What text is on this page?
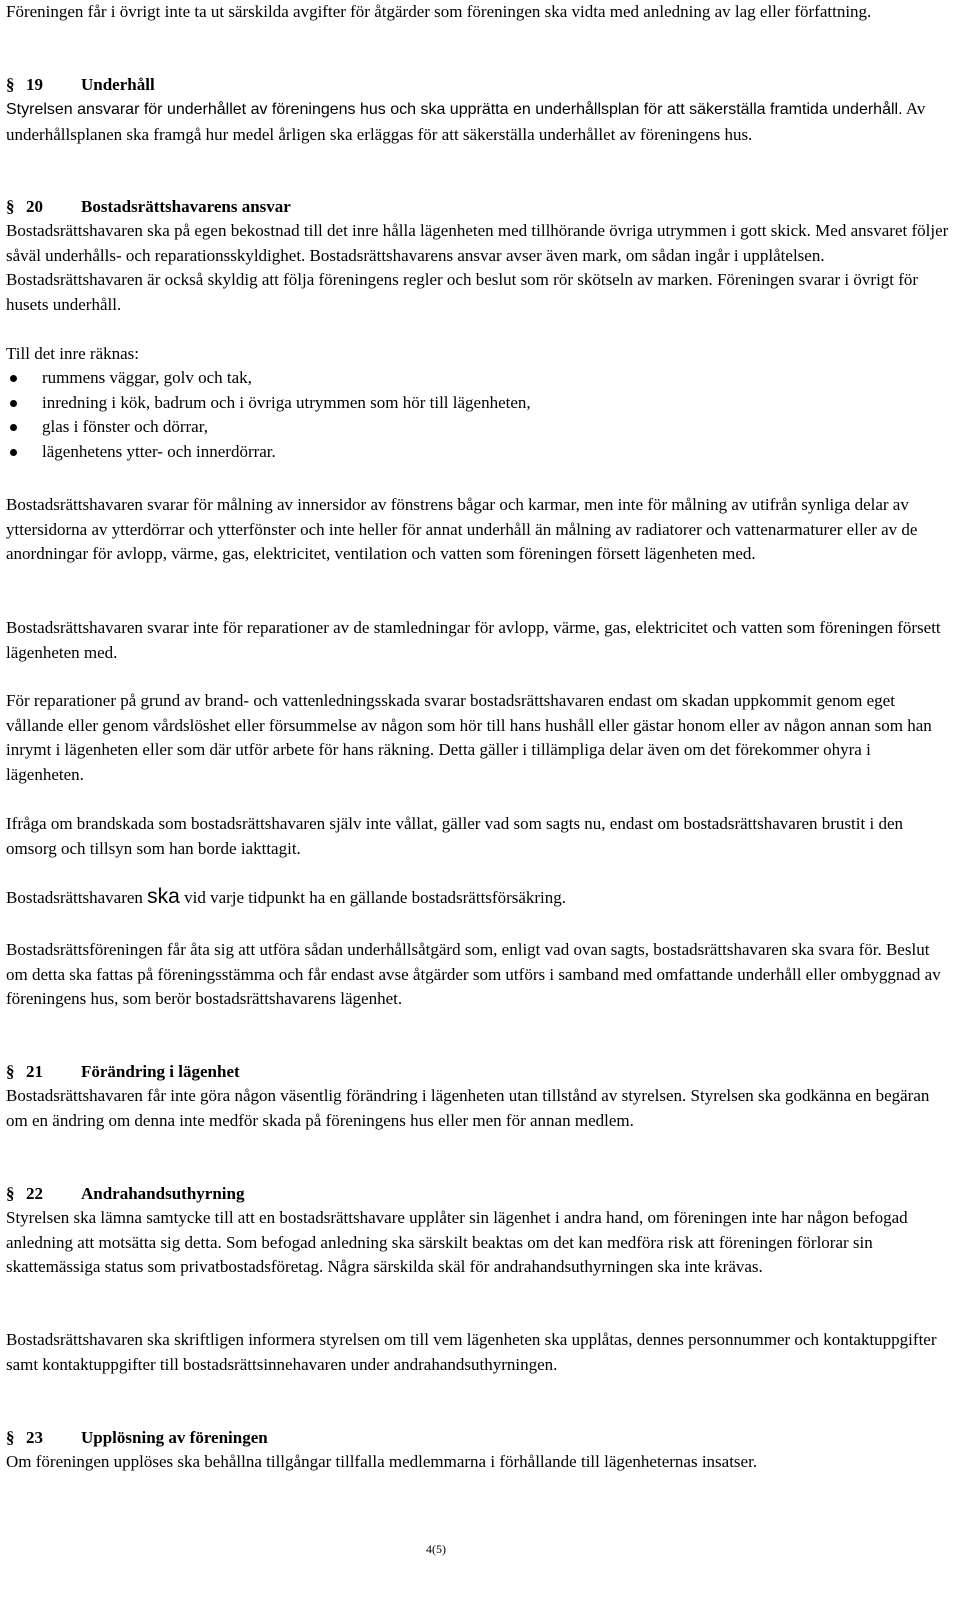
Föreningen får i övrigt inte ta ut särskilda avgifter för åtgärder som föreningen ska vidta med anledning av lag eller författning.

§ 19	Underhåll

Styrelsen ansvarar för underhållet av föreningens hus och ska upprätta en underhållsplan för att säkerställa framtida underhåll. Av underhållsplanen ska framgå hur medel årligen ska erläggas för att säkerställa underhållet av föreningens hus.

§ 20	Bostadsrättshavarens ansvar

Bostadsrättshavaren ska på egen bekostnad till det inre hålla lägenheten med tillhörande övriga utrymmen i gott skick. Med ansvaret följer såväl underhålls- och reparationsskyldighet. Bostadsrättshavarens ansvar avser även mark, om sådan ingår i upplåtelsen. Bostadsrättshavaren är också skyldig att följa föreningens regler och beslut som rör skötseln av marken. Föreningen svarar i övrigt för husets underhåll.

Till det inre räknas:

rummens väggar, golv och tak,
inredning i kök, badrum och i övriga utrymmen som hör till lägenheten,
glas i fönster och dörrar,
lägenhetens ytter- och innerdörrar.

Bostadsrättshavaren svarar för målning av innersidor av fönstrens bågar och karmar, men inte för målning av utifrån synliga delar av yttersidorna av ytterdörrar och ytterfönster och inte heller för annat underhåll än målning av radiatorer och vattenarmaturer eller av de anordningar för avlopp, värme, gas, elektricitet, ventilation och vatten som föreningen försett lägenheten med.

Bostadsrättshavaren svarar inte för reparationer av de stamledningar för avlopp, värme, gas, elektricitet och vatten som föreningen försett lägenheten med.

För reparationer på grund av brand- och vattenledningsskada svarar bostadsrättshavaren endast om skadan uppkommit genom eget vållande eller genom vårdslöshet eller försummelse av någon som hör till hans hushåll eller gästar honom eller av någon annan som han inrymt i lägenheten eller som där utför arbete för hans räkning. Detta gäller i tillämpliga delar även om det förekommer ohyra i lägenheten.

Ifråga om brandskada som bostadsrättshavaren själv inte vållat, gäller vad som sagts nu, endast om bostadsrättshavaren brustit i den omsorg och tillsyn som han borde iakttagit.

Bostadsrättshavaren ska vid varje tidpunkt ha en gällande bostadsrättsförsäkring.

Bostadsrättsföreningen får åta sig att utföra sådan underhållsåtgärd som, enligt vad ovan sagts, bostadsrättshavaren ska svara för. Beslut om detta ska fattas på föreningsstämma och får endast avse åtgärder som utförs i samband med omfattande underhåll eller ombyggnad av föreningens hus, som berör bostadsrättshavarens lägenhet.

§ 21	Förändring i lägenhet

Bostadsrättshavaren får inte göra någon väsentlig förändring i lägenheten utan tillstånd av styrelsen. Styrelsen ska godkänna en begäran om en ändring om denna inte medför skada på föreningens hus eller men för annan medlem.

§ 22	Andrahandsuthyrning

Styrelsen ska lämna samtycke till att en bostadsrättshavare upplåter sin lägenhet i andra hand, om föreningen inte har någon befogad anledning att motsätta sig detta. Som befogad anledning ska särskilt beaktas om det kan medföra risk att föreningen förlorar sin skattemässiga status som privatbostadsföretag. Några särskilda skäl för andrahandsuthyrningen ska inte krävas.

Bostadsrättshavaren ska skriftligen informera styrelsen om till vem lägenheten ska upplåtas, dennes personnummer och kontaktuppgifter samt kontaktuppgifter till bostadsrättsinnehavaren under andrahandsuthyrningen.

§ 23	Upplösning av föreningen

Om föreningen upplöses ska behållna tillgångar tillfalla medlemmarna i förhållande till lägenheternas insatser.

4(5)
